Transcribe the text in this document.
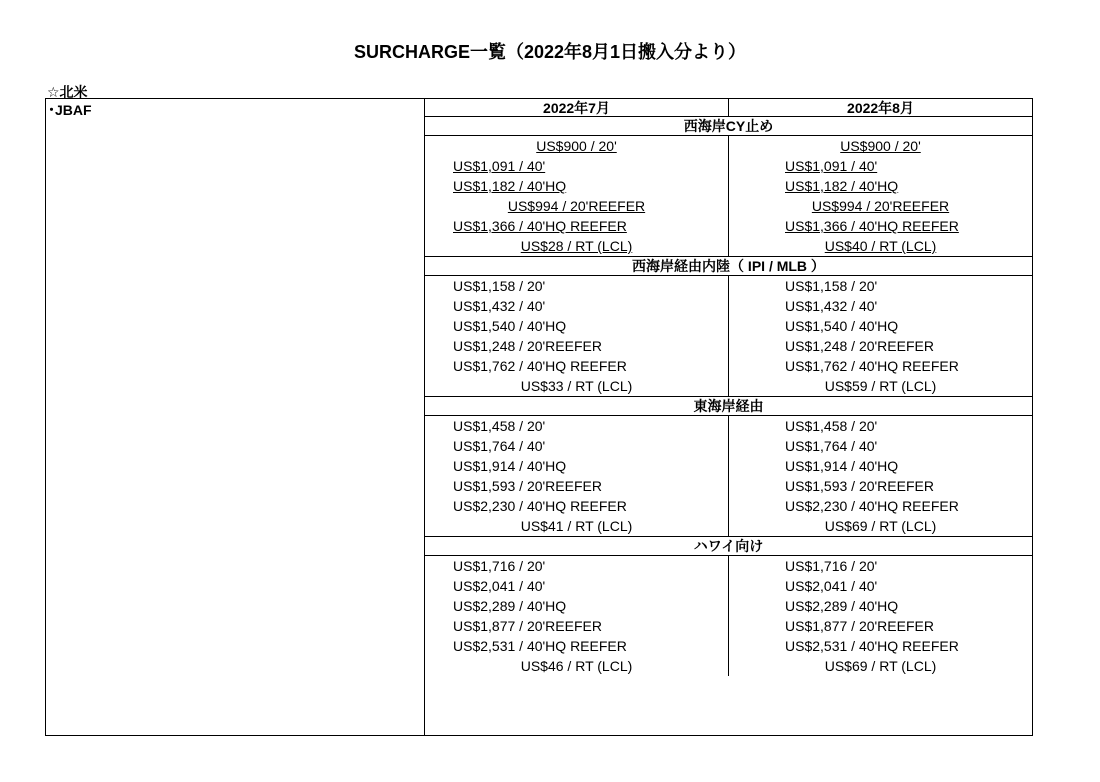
SURCHARGE一覧（2022年8月1日搬入分より）
☆北米
･JBAF	2022年7月	2022年8月
西海岸CY止め
US$900 / 20'	US$900 / 20'
US$1,091 / 40'	US$1,091 / 40'
US$1,182 / 40'HQ	US$1,182 / 40'HQ
US$994 / 20'REEFER	US$994 / 20'REEFER
US$1,366 / 40'HQ REEFER	US$1,366 / 40'HQ REEFER
US$28 / RT (LCL)	US$40 / RT (LCL)
西海岸経由内陸（ IPI / MLB ）
US$1,158 / 20'	US$1,158 / 20'
US$1,432 / 40'	US$1,432 / 40'
US$1,540 / 40'HQ	US$1,540 / 40'HQ
US$1,248 / 20'REEFER	US$1,248 / 20'REEFER
US$1,762 / 40'HQ REEFER	US$1,762 / 40'HQ REEFER
US$33 / RT (LCL)	US$59 / RT (LCL)
東海岸経由
US$1,458 / 20'	US$1,458 / 20'
US$1,764 / 40'	US$1,764 / 40'
US$1,914 / 40'HQ	US$1,914 / 40'HQ
US$1,593 / 20'REEFER	US$1,593 / 20'REEFER
US$2,230 / 40'HQ REEFER	US$2,230 / 40'HQ REEFER
US$41 / RT (LCL)	US$69 / RT (LCL)
ハワイ向け
US$1,716 / 20'	US$1,716 / 20'
US$2,041 / 40'	US$2,041 / 40'
US$2,289 / 40'HQ	US$2,289 / 40'HQ
US$1,877 / 20'REEFER	US$1,877 / 20'REEFER
US$2,531 / 40'HQ REEFER	US$2,531 / 40'HQ REEFER
US$46 / RT (LCL)	US$69 / RT (LCL)
